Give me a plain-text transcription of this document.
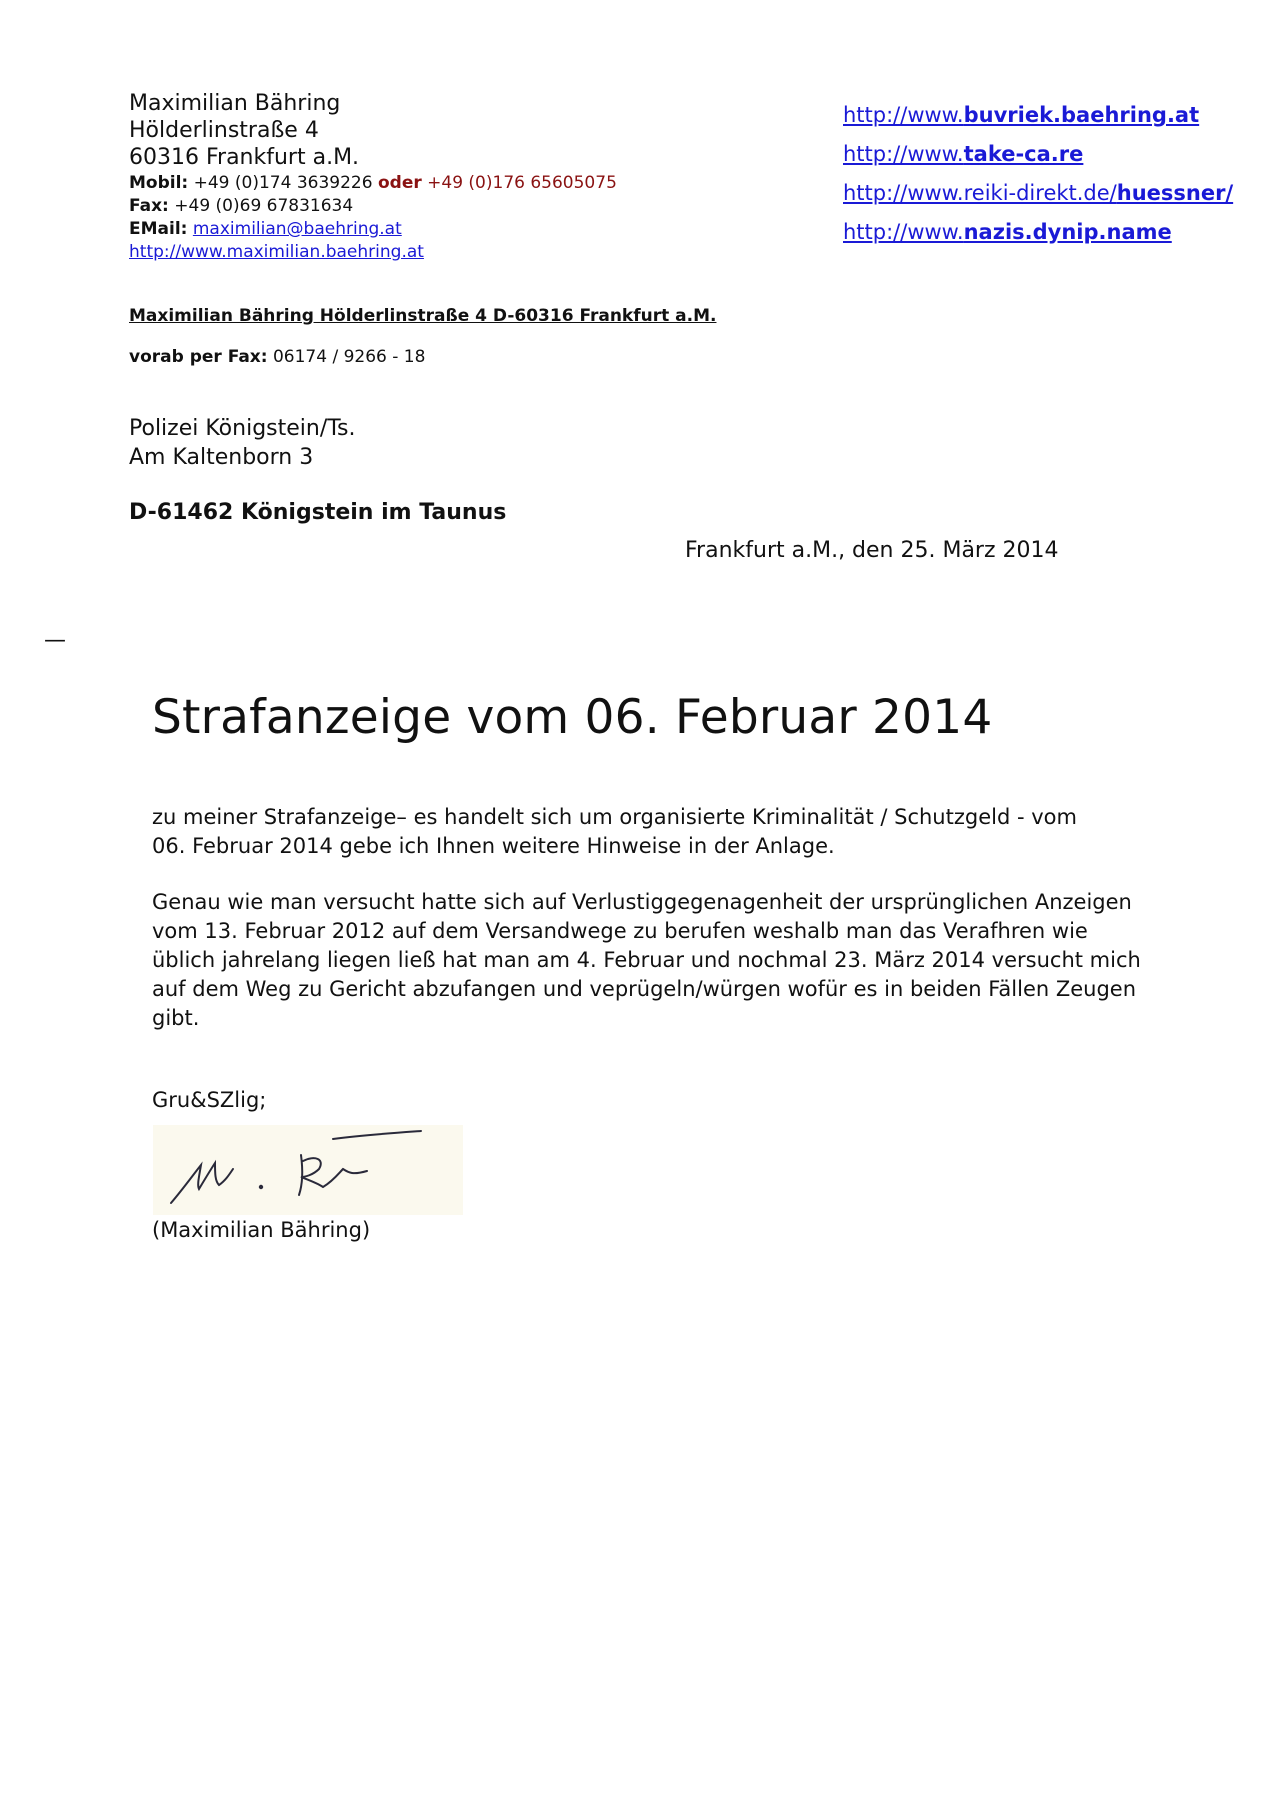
Maximilian Bähring
Hölderlinstraße 4
60316 Frankfurt a.M.
Mobil: +49 (0)174 3639226 oder +49 (0)176 65605075
Fax: +49 (0)69 67831634
EMail: maximilian@baehring.at
http://www.maximilian.baehring.at
http://www.buvriek.baehring.at
http://www.take-ca.re
http://www.reiki-direkt.de/huessner/
http://www.nazis.dynip.name
Maximilian Bähring Hölderlinstraße 4 D-60316 Frankfurt a.M.
vorab per Fax: 06174 / 9266 - 18
Polizei Königstein/Ts.
Am Kaltenborn 3
D-61462 Königstein im Taunus
Frankfurt a.M., den 25. März 2014
—
Strafanzeige vom 06. Februar 2014
zu meiner Strafanzeige– es handelt sich um organisierte Kriminalität / Schutzgeld - vom
06. Februar 2014 gebe ich Ihnen weitere Hinweise in der Anlage.
Genau wie man versucht hatte sich auf Verlustiggegenagenheit der ursprünglichen Anzeigen
vom 13. Februar 2012 auf dem Versandwege zu berufen weshalb man das Verafhren wie
üblich jahrelang liegen ließ hat man am 4. Februar und nochmal 23. März 2014 versucht mich
auf dem Weg zu Gericht abzufangen und veprügeln/würgen wofür es in beiden Fällen Zeugen
gibt.
Gru&SZlig;
(Maximilian Bähring)
